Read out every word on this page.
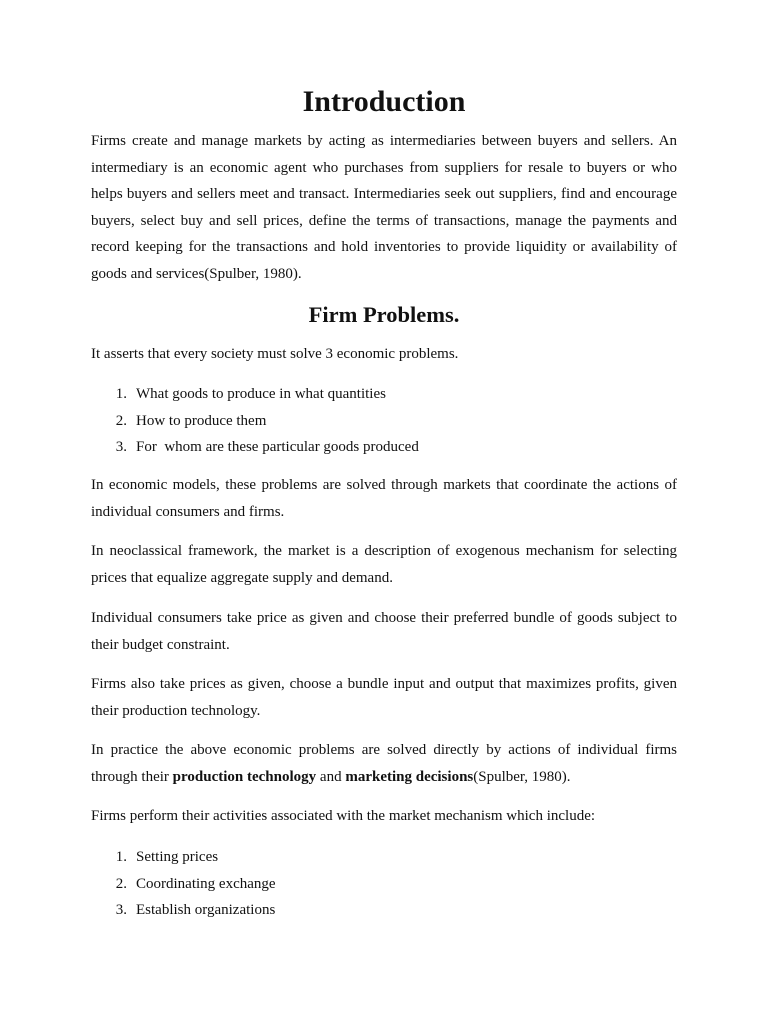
Introduction

Firms create and manage markets by acting as intermediaries between buyers and sellers. An intermediary is an economic agent who purchases from suppliers for resale to buyers or who helps buyers and sellers meet and transact. Intermediaries seek out suppliers, find and encourage buyers, select buy and sell prices, define the terms of transactions, manage the payments and record keeping for the transactions and hold inventories to provide liquidity or availability of goods and services(Spulber, 1980).

Firm Problems.

It asserts that every society must solve 3 economic problems.

1. What goods to produce in what quantities
2. How to produce them
3. For  whom are these particular goods produced

In economic models, these problems are solved through markets that coordinate the actions of individual consumers and firms.

In neoclassical framework, the market is a description of exogenous mechanism for selecting prices that equalize aggregate supply and demand.

Individual consumers take price as given and choose their preferred bundle of goods subject to their budget constraint.

Firms also take prices as given, choose a bundle input and output that maximizes profits, given their production technology.

In practice the above economic problems are solved directly by actions of individual firms through their production technology and marketing decisions(Spulber, 1980).

Firms perform their activities associated with the market mechanism which include:

1. Setting prices
2. Coordinating exchange
3. Establish organizations
